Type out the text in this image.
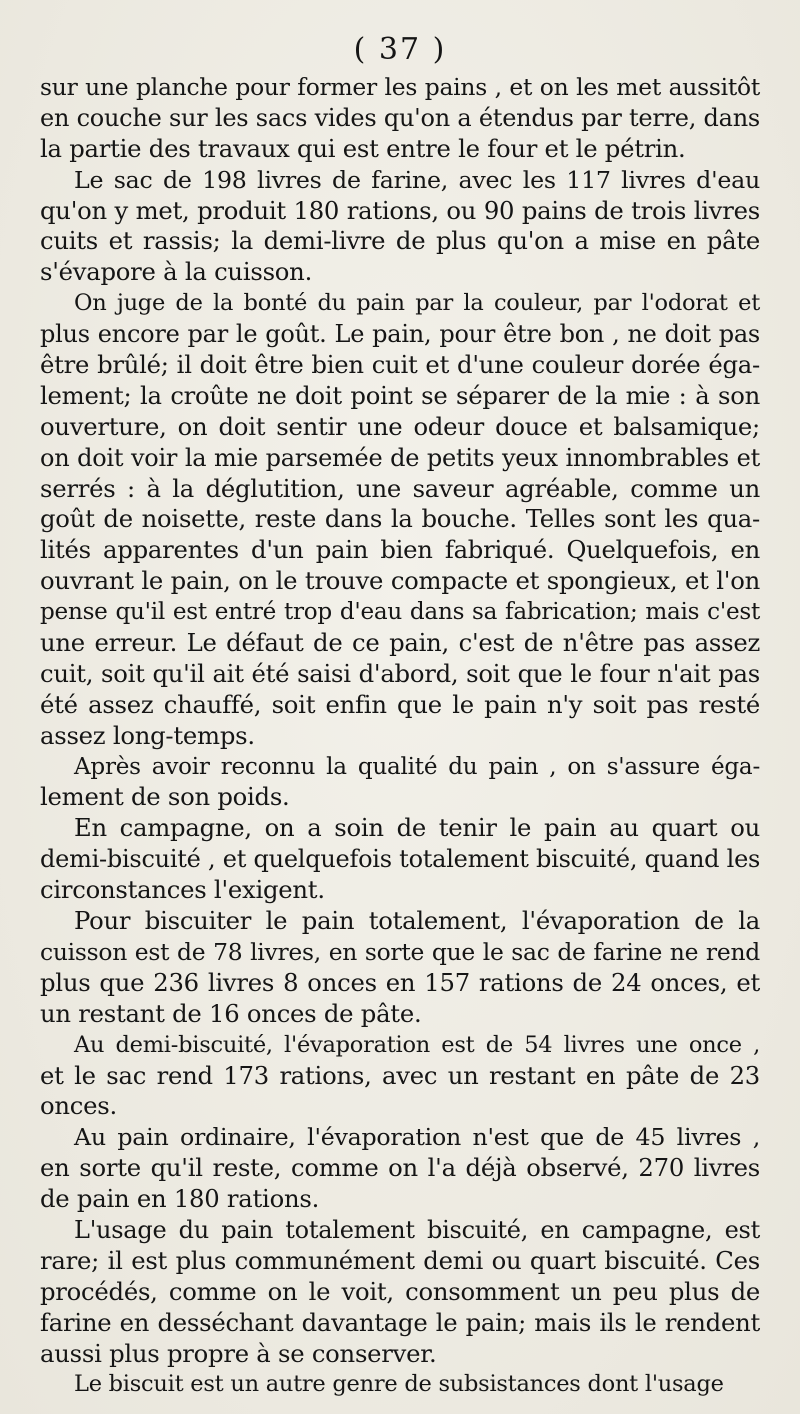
( 37 )
sur une planche pour former les pains , et on les met aussitôt
en couche sur les sacs vides qu'on a étendus par terre, dans
la partie des travaux qui est entre le four et le pétrin.
Le sac de 198 livres de farine, avec les 117 livres d'eau
qu'on y met, produit 180 rations, ou 90 pains de trois livres
cuits et rassis; la demi-livre de plus qu'on a mise en pâte
s'évapore à la cuisson.
On juge de la bonté du pain par la couleur, par l'odorat et
plus encore par le goût. Le pain, pour être bon , ne doit pas
être brûlé; il doit être bien cuit et d'une couleur dorée éga-
lement; la croûte ne doit point se séparer de la mie : à son
ouverture, on doit sentir une odeur douce et balsamique;
on doit voir la mie parsemée de petits yeux innombrables et
serrés : à la déglutition, une saveur agréable, comme un
goût de noisette, reste dans la bouche. Telles sont les qua-
lités apparentes d'un pain bien fabriqué. Quelquefois, en
ouvrant le pain, on le trouve compacte et spongieux, et l'on
pense qu'il est entré trop d'eau dans sa fabrication; mais c'est
une erreur. Le défaut de ce pain, c'est de n'être pas assez
cuit, soit qu'il ait été saisi d'abord, soit que le four n'ait pas
été assez chauffé, soit enfin que le pain n'y soit pas resté
assez long-temps.
Après avoir reconnu la qualité du pain , on s'assure éga-
lement de son poids.
En campagne, on a soin de tenir le pain au quart ou
demi-biscuité , et quelquefois totalement biscuité, quand les
circonstances l'exigent.
Pour biscuiter le pain totalement, l'évaporation de la
cuisson est de 78 livres, en sorte que le sac de farine ne rend
plus que 236 livres 8 onces en 157 rations de 24 onces, et
un restant de 16 onces de pâte.
Au demi-biscuité, l'évaporation est de 54 livres une once ,
et le sac rend 173 rations, avec un restant en pâte de 23
onces.
Au pain ordinaire, l'évaporation n'est que de 45 livres ,
en sorte qu'il reste, comme on l'a déjà observé, 270 livres
de pain en 180 rations.
L'usage du pain totalement biscuité, en campagne, est
rare; il est plus communément demi ou quart biscuité. Ces
procédés, comme on le voit, consomment un peu plus de
farine en desséchant davantage le pain; mais ils le rendent
aussi plus propre à se conserver.
Le biscuit est un autre genre de subsistances dont l'usage
